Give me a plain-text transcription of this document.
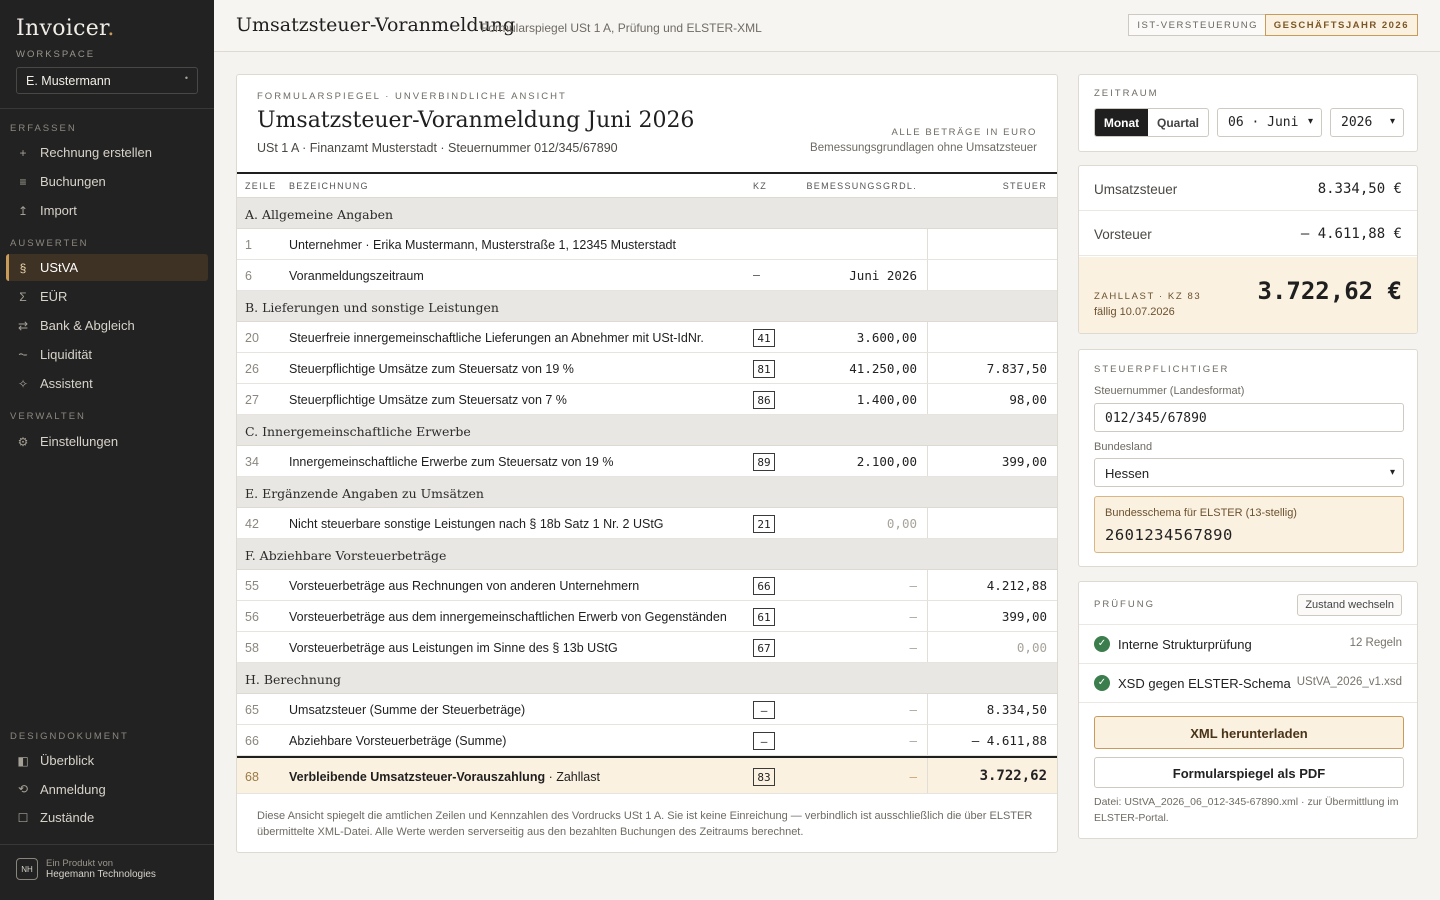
Invoicer.
WORKSPACE
E. Mustermann	•
ERFASSEN
+ Rechnung erstellen
≡ Buchungen
↥ Import
AUSWERTEN
§ UStVA
Σ EÜR
⇄ Bank & Abgleich
⏦ Liquidität
✧ Assistent
VERWALTEN
⚙ Einstellungen
DESIGNDOKUMENT
◧ Überblick
⟲ Anmeldung
☐ Zustände
NH	Ein Produkt von
Hegemann Technologies
Umsatzsteuer-Voranmeldung
Formularspiegel USt 1 A, Prüfung und ELSTER-XML	IST-VERSTEUERUNG	GESCHÄFTSJAHR 2026
FORMULARSPIEGEL · UNVERBINDLICHE ANSICHT
Umsatzsteuer-Voranmeldung Juni 2026
USt 1 A · Finanzamt Musterstadt · Steuernummer 012/345/67890
ALLE BETRÄGE IN EURO
Bemessungsgrundlagen ohne Umsatzsteuer
ZEILE BEZEICHNUNG	KZ	BEMESSUNGSGRDL.	STEUER
A. Allgemeine Angaben
1	Unternehmer · Erika Mustermann, Musterstraße 1, 12345 Musterstadt
6	Voranmeldungszeitraum	–	Juni 2026
B. Lieferungen und sonstige Leistungen
20 Steuerfreie innergemeinschaftliche Lieferungen an Abnehmer mit USt-IdNr.	41	3.600,00
26 Steuerpflichtige Umsätze zum Steuersatz von 19 %	81	41.250,00	7.837,50
27 Steuerpflichtige Umsätze zum Steuersatz von 7 %	86	1.400,00	98,00
C. Innergemeinschaftliche Erwerbe
34 Innergemeinschaftliche Erwerbe zum Steuersatz von 19 %	89	2.100,00	399,00
E. Ergänzende Angaben zu Umsätzen
42 Nicht steuerbare sonstige Leistungen nach § 18b Satz 1 Nr. 2 UStG	21	0,00
F. Abziehbare Vorsteuerbeträge
55 Vorsteuerbeträge aus Rechnungen von anderen Unternehmern	66	–	4.212,88
56 Vorsteuerbeträge aus dem innergemeinschaftlichen Erwerb von Gegenständen	61	–	399,00
58 Vorsteuerbeträge aus Leistungen im Sinne des § 13b UStG	67	–	0,00
H. Berechnung
65 Umsatzsteuer (Summe der Steuerbeträge)	–	–	8.334,50
66 Abziehbare Vorsteuerbeträge (Summe)	–	–	– 4.611,88
68 Verbleibende Umsatzsteuer-Vorauszahlung · Zahllast	83	–	3.722,62
Diese Ansicht spiegelt die amtlichen Zeilen und Kennzahlen des Vordrucks USt 1 A. Sie ist keine Einreichung — verbindlich ist ausschließlich die über ELSTER übermittelte XML-Datei. Alle Werte werden serverseitig aus den bezahlten Buchungen des Zeitraums berechnet.
ZEITRAUM
Monat	Quartal	06 · Juni ▾	2026 ▾
Umsatzsteuer	8.334,50 €
Vorsteuer	– 4.611,88 €
ZAHLLAST · KZ 83
fällig 10.07.2026
3.722,62 €
STEUERPFLICHTIGER
Steuernummer (Landesformat)
012/345/67890
Bundesland
Hessen	▾
Bundesschema für ELSTER (13-stellig)
2601234567890
PRÜFUNG	Zustand wechseln
✓ Interne Strukturprüfung	12 Regeln
✓ XSD gegen ELSTER-Schema UStVA_2026_v1.xsd
XML herunterladen
Formularspiegel als PDF
Datei: UStVA_2026_06_012-345-67890.xml · zur Übermittlung im ELSTER-Portal.
